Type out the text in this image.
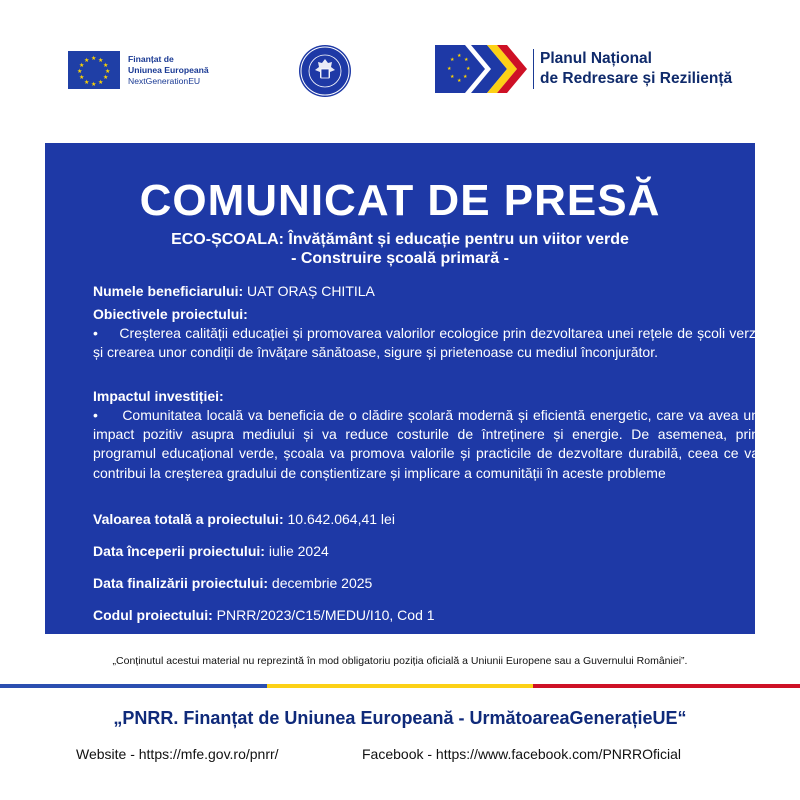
★ ★
★
★
★
★
★
★
★
★
★
★	Finanțat de
Uniunea Europeană
NextGenerationEU
★
★
★
★
★
★
★
★	Planul Național
de Redresare și Reziliență
COMUNICAT DE PRESĂ
ECO-ȘCOALA: Învățământ și educație pentru un viitor verde
- Construire școală primară -
Numele beneficiarului: UAT ORAȘ CHITILA
Obiectivele proiectului:
• Creșterea calității educației și promovarea valorilor ecologice prin dezvoltarea unei rețele de școli verzi și crearea unor condiții de învățare sănătoase, sigure și prietenoase cu mediul înconjurător.
Impactul investiției:
• Comunitatea locală va beneficia de o clădire școlară modernă și eficientă energetic, care va avea un impact pozitiv asupra mediului și va reduce costurile de întreținere și energie. De asemenea, prin programul educațional verde, școala va promova valorile și practicile de dezvoltare durabilă, ceea ce va contribui la creșterea gradului de conștientizare și implicare a comunității în aceste probleme
Valoarea totală a proiectului: 10.642.064,41 lei
Data începerii proiectului: iulie 2024
Data finalizării proiectului: decembrie 2025
Codul proiectului: PNRR/2023/C15/MEDU/I10, Cod 1
„Conținutul acestui material nu reprezintă în mod obligatoriu poziția oficială a Uniunii Europene sau a Guvernului României”.
„PNRR. Finanțat de Uniunea Europeană - UrmătoareaGenerațieUE“
Website - https://mfe.gov.ro/pnrr/	Facebook - https://www.facebook.com/PNRROficial
